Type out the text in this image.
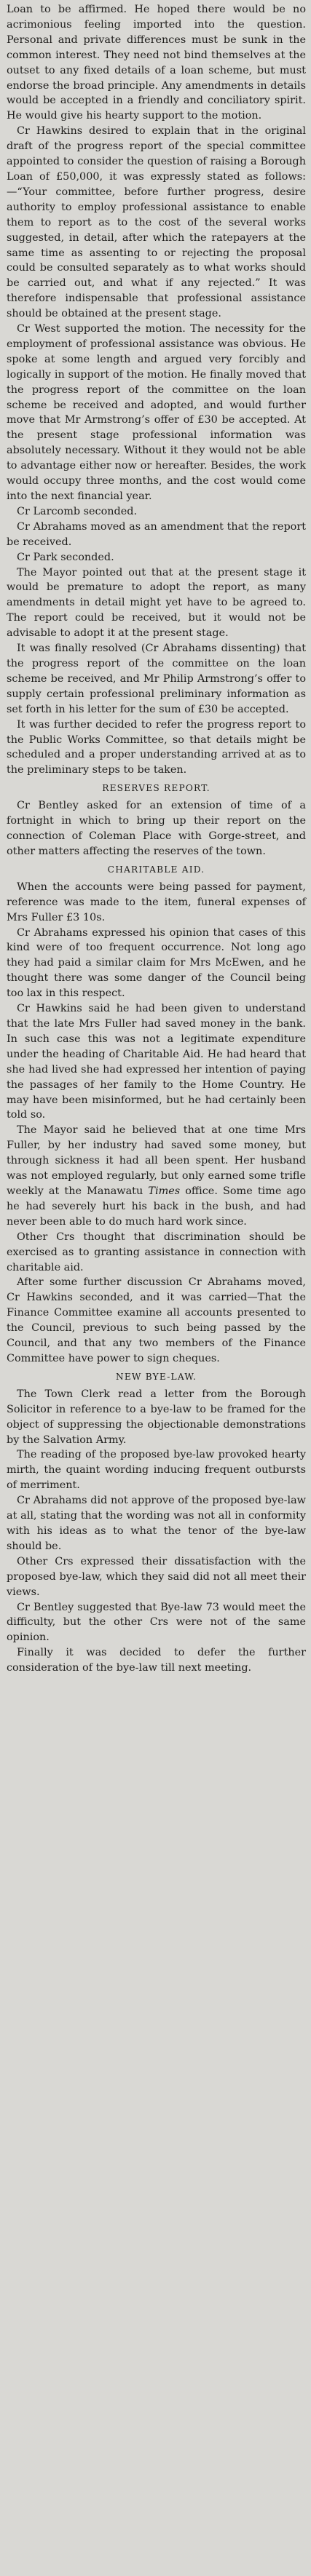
Loan to be affirmed. He hoped there would be no acrimonious feeling imported into the question. Personal and private differences must be sunk in the common interest. They need not bind themselves at the outset to any fixed details of a loan scheme, but must endorse the broad principle. Any amendments in details would be accepted in a friendly and conciliatory spirit. He would give his hearty support to the motion.

Cr Hawkins desired to explain that in the original draft of the progress report of the special committee appointed to consider the question of raising a Borough Loan of £50,000, it was expressly stated as follows:—“Your committee, before further progress, desire authority to employ professional assistance to enable them to report as to the cost of the several works suggested, in detail, after which the ratepayers at the same time as assenting to or rejecting the proposal could be consulted separately as to what works should be carried out, and what if any rejected.” It was therefore indispensable that professional assistance should be obtained at the present stage.

Cr West supported the motion. The necessity for the employment of professional assistance was obvious. He spoke at some length and argued very forcibly and logically in support of the motion. He finally moved that the progress report of the committee on the loan scheme be received and adopted, and would further move that Mr Armstrong’s offer of £30 be accepted. At the present stage professional information was absolutely necessary. Without it they would not be able to advantage either now or hereafter. Besides, the work would occupy three months, and the cost would come into the next financial year.

Cr Larcomb seconded.

Cr Abrahams moved as an amendment that the report be received.

Cr Park seconded.

The Mayor pointed out that at the present stage it would be premature to adopt the report, as many amendments in detail might yet have to be agreed to. The report could be received, but it would not be advisable to adopt it at the present stage.

It was finally resolved (Cr Abrahams dissenting) that the progress report of the committee on the loan scheme be received, and Mr Philip Armstrong’s offer to supply certain professional preliminary information as set forth in his letter for the sum of £30 be accepted.

It was further decided to refer the progress report to the Public Works Committee, so that details might be scheduled and a proper understanding arrived at as to the preliminary steps to be taken.

RESERVES REPORT.

Cr Bentley asked for an extension of time of a fortnight in which to bring up their report on the connection of Coleman Place with Gorge-street, and other matters affecting the reserves of the town.

CHARITABLE AID.

When the accounts were being passed for payment, reference was made to the item, funeral expenses of Mrs Fuller £3 10s.

Cr Abrahams expressed his opinion that cases of this kind were of too frequent occurrence. Not long ago they had paid a similar claim for Mrs McEwen, and he thought there was some danger of the Council being too lax in this respect.

Cr Hawkins said he had been given to understand that the late Mrs Fuller had saved money in the bank. In such case this was not a legitimate expenditure under the heading of Charitable Aid. He had heard that she had lived she had expressed her intention of paying the passages of her family to the Home Country. He may have been misinformed, but he had certainly been told so.

The Mayor said he believed that at one time Mrs Fuller, by her industry had saved some money, but through sickness it had all been spent. Her husband was not employed regularly, but only earned some trifle weekly at the Manawatu Times office. Some time ago he had severely hurt his back in the bush, and had never been able to do much hard work since.

Other Crs thought that discrimination should be exercised as to granting assistance in connection with charitable aid.

After some further discussion Cr Abrahams moved, Cr Hawkins seconded, and it was carried—That the Finance Committee examine all accounts presented to the Council, previous to such being passed by the Council, and that any two members of the Finance Committee have power to sign cheques.

NEW BYE-LAW.

The Town Clerk read a letter from the Borough Solicitor in reference to a bye-law to be framed for the object of suppressing the objectionable demonstrations by the Salvation Army.

The reading of the proposed bye-law provoked hearty mirth, the quaint wording inducing frequent outbursts of merriment.

Cr Abrahams did not approve of the proposed bye-law at all, stating that the wording was not all in conformity with his ideas as to what the tenor of the bye-law should be.

Other Crs expressed their dissatisfaction with the proposed bye-law, which they said did not all meet their views.

Cr Bentley suggested that Bye-law 73 would meet the difficulty, but the other Crs were not of the same opinion.

Finally it was decided to defer the further consideration of the bye-law till next meeting.
